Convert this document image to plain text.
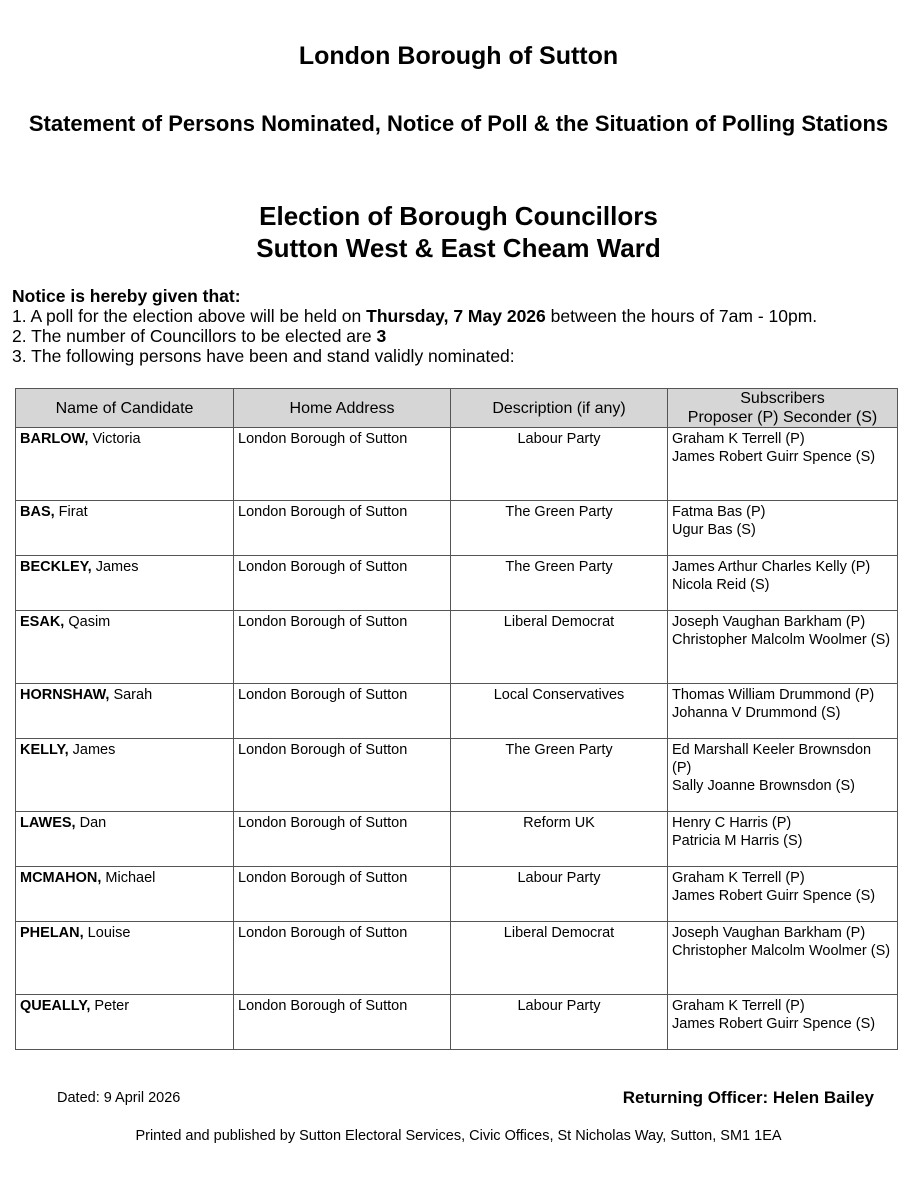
London Borough of Sutton
Statement of Persons Nominated, Notice of Poll & the Situation of Polling Stations
Election of Borough Councillors
Sutton West & East Cheam Ward
Notice is hereby given that:
1. A poll for the election above will be held on Thursday, 7 May 2026 between the hours of 7am - 10pm.
2. The number of Councillors to be elected are 3
3. The following persons have been and stand validly nominated:
Name of Candidate	Home Address	Description (if any)	Subscribers
Proposer (P) Seconder (S)

BARLOW, Victoria	London Borough of Sutton	Labour Party	Graham K Terrell (P)
James Robert Guirr Spence (S)

BAS, Firat	London Borough of Sutton	The Green Party	Fatma Bas (P)
Ugur Bas (S)

BECKLEY, James	London Borough of Sutton	The Green Party	James Arthur Charles Kelly (P)
Nicola Reid (S)

ESAK, Qasim	London Borough of Sutton	Liberal Democrat	Joseph Vaughan Barkham (P)
Christopher Malcolm Woolmer (S)

HORNSHAW, Sarah	London Borough of Sutton	Local Conservatives	Thomas William Drummond (P)
Johanna V Drummond (S)

KELLY, James	London Borough of Sutton	The Green Party	Ed Marshall Keeler Brownsdon (P)
Sally Joanne Brownsdon (S)

LAWES, Dan	London Borough of Sutton	Reform UK	Henry C Harris (P)
Patricia M Harris (S)

MCMAHON, Michael	London Borough of Sutton	Labour Party	Graham K Terrell (P)
James Robert Guirr Spence (S)

PHELAN, Louise	London Borough of Sutton	Liberal Democrat	Joseph Vaughan Barkham (P)
Christopher Malcolm Woolmer (S)

QUEALLY, Peter	London Borough of Sutton	Labour Party	Graham K Terrell (P)
James Robert Guirr Spence (S)
Dated: 9 April 2026	Returning Officer: Helen Bailey
Printed and published by Sutton Electoral Services, Civic Offices, St Nicholas Way, Sutton, SM1 1EA
